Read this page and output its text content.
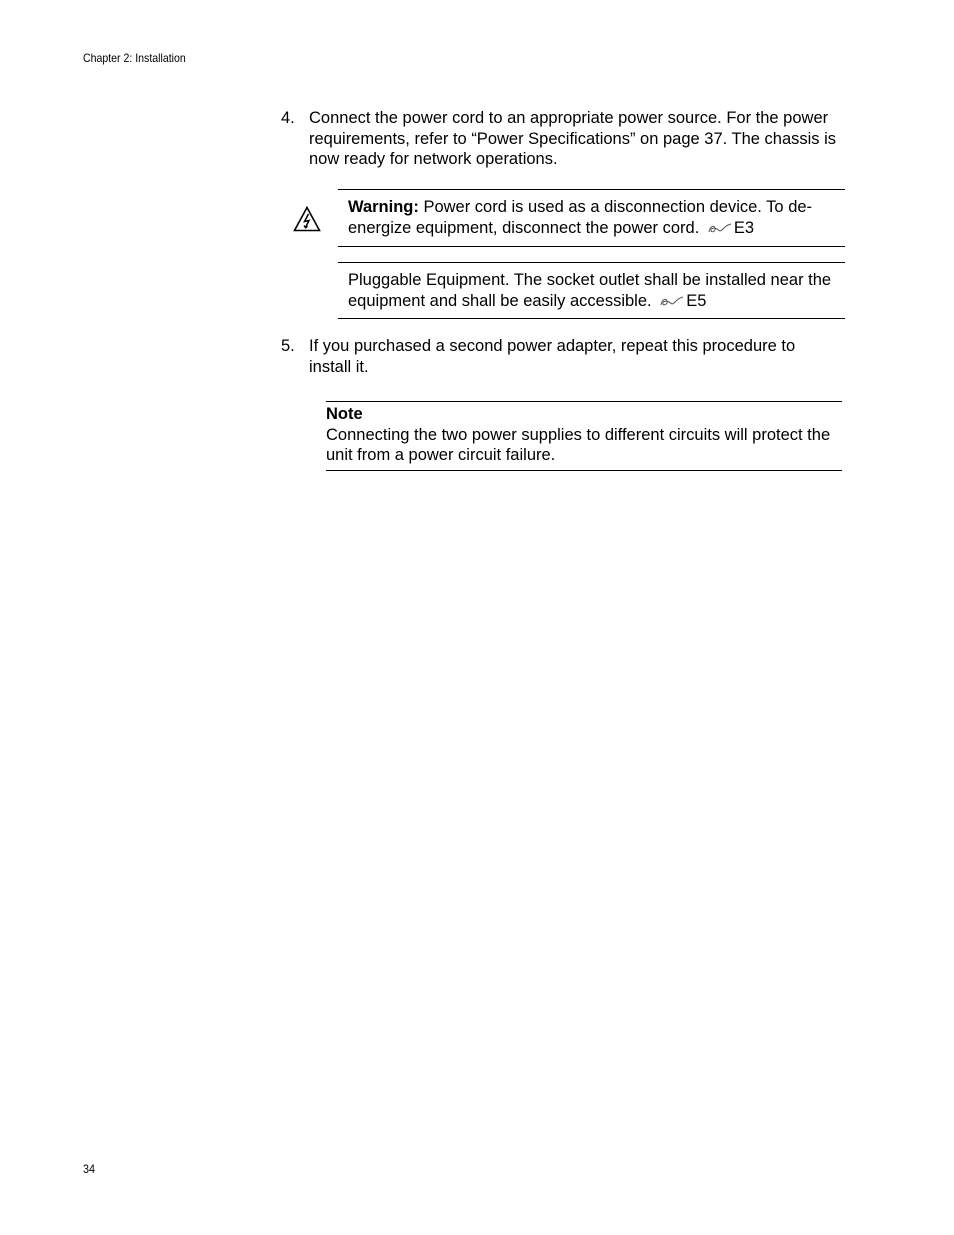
Chapter 2: Installation
4. Connect the power cord to an appropriate power source. For the power requirements, refer to “Power Specifications” on page 37. The chassis is now ready for network operations.
Warning: Power cord is used as a disconnection device. To de-energize equipment, disconnect the power cord. E3
Pluggable Equipment. The socket outlet shall be installed near the equipment and shall be easily accessible. E5
5. If you purchased a second power adapter, repeat this procedure to install it.
Note
Connecting the two power supplies to different circuits will protect the unit from a power circuit failure.
34
